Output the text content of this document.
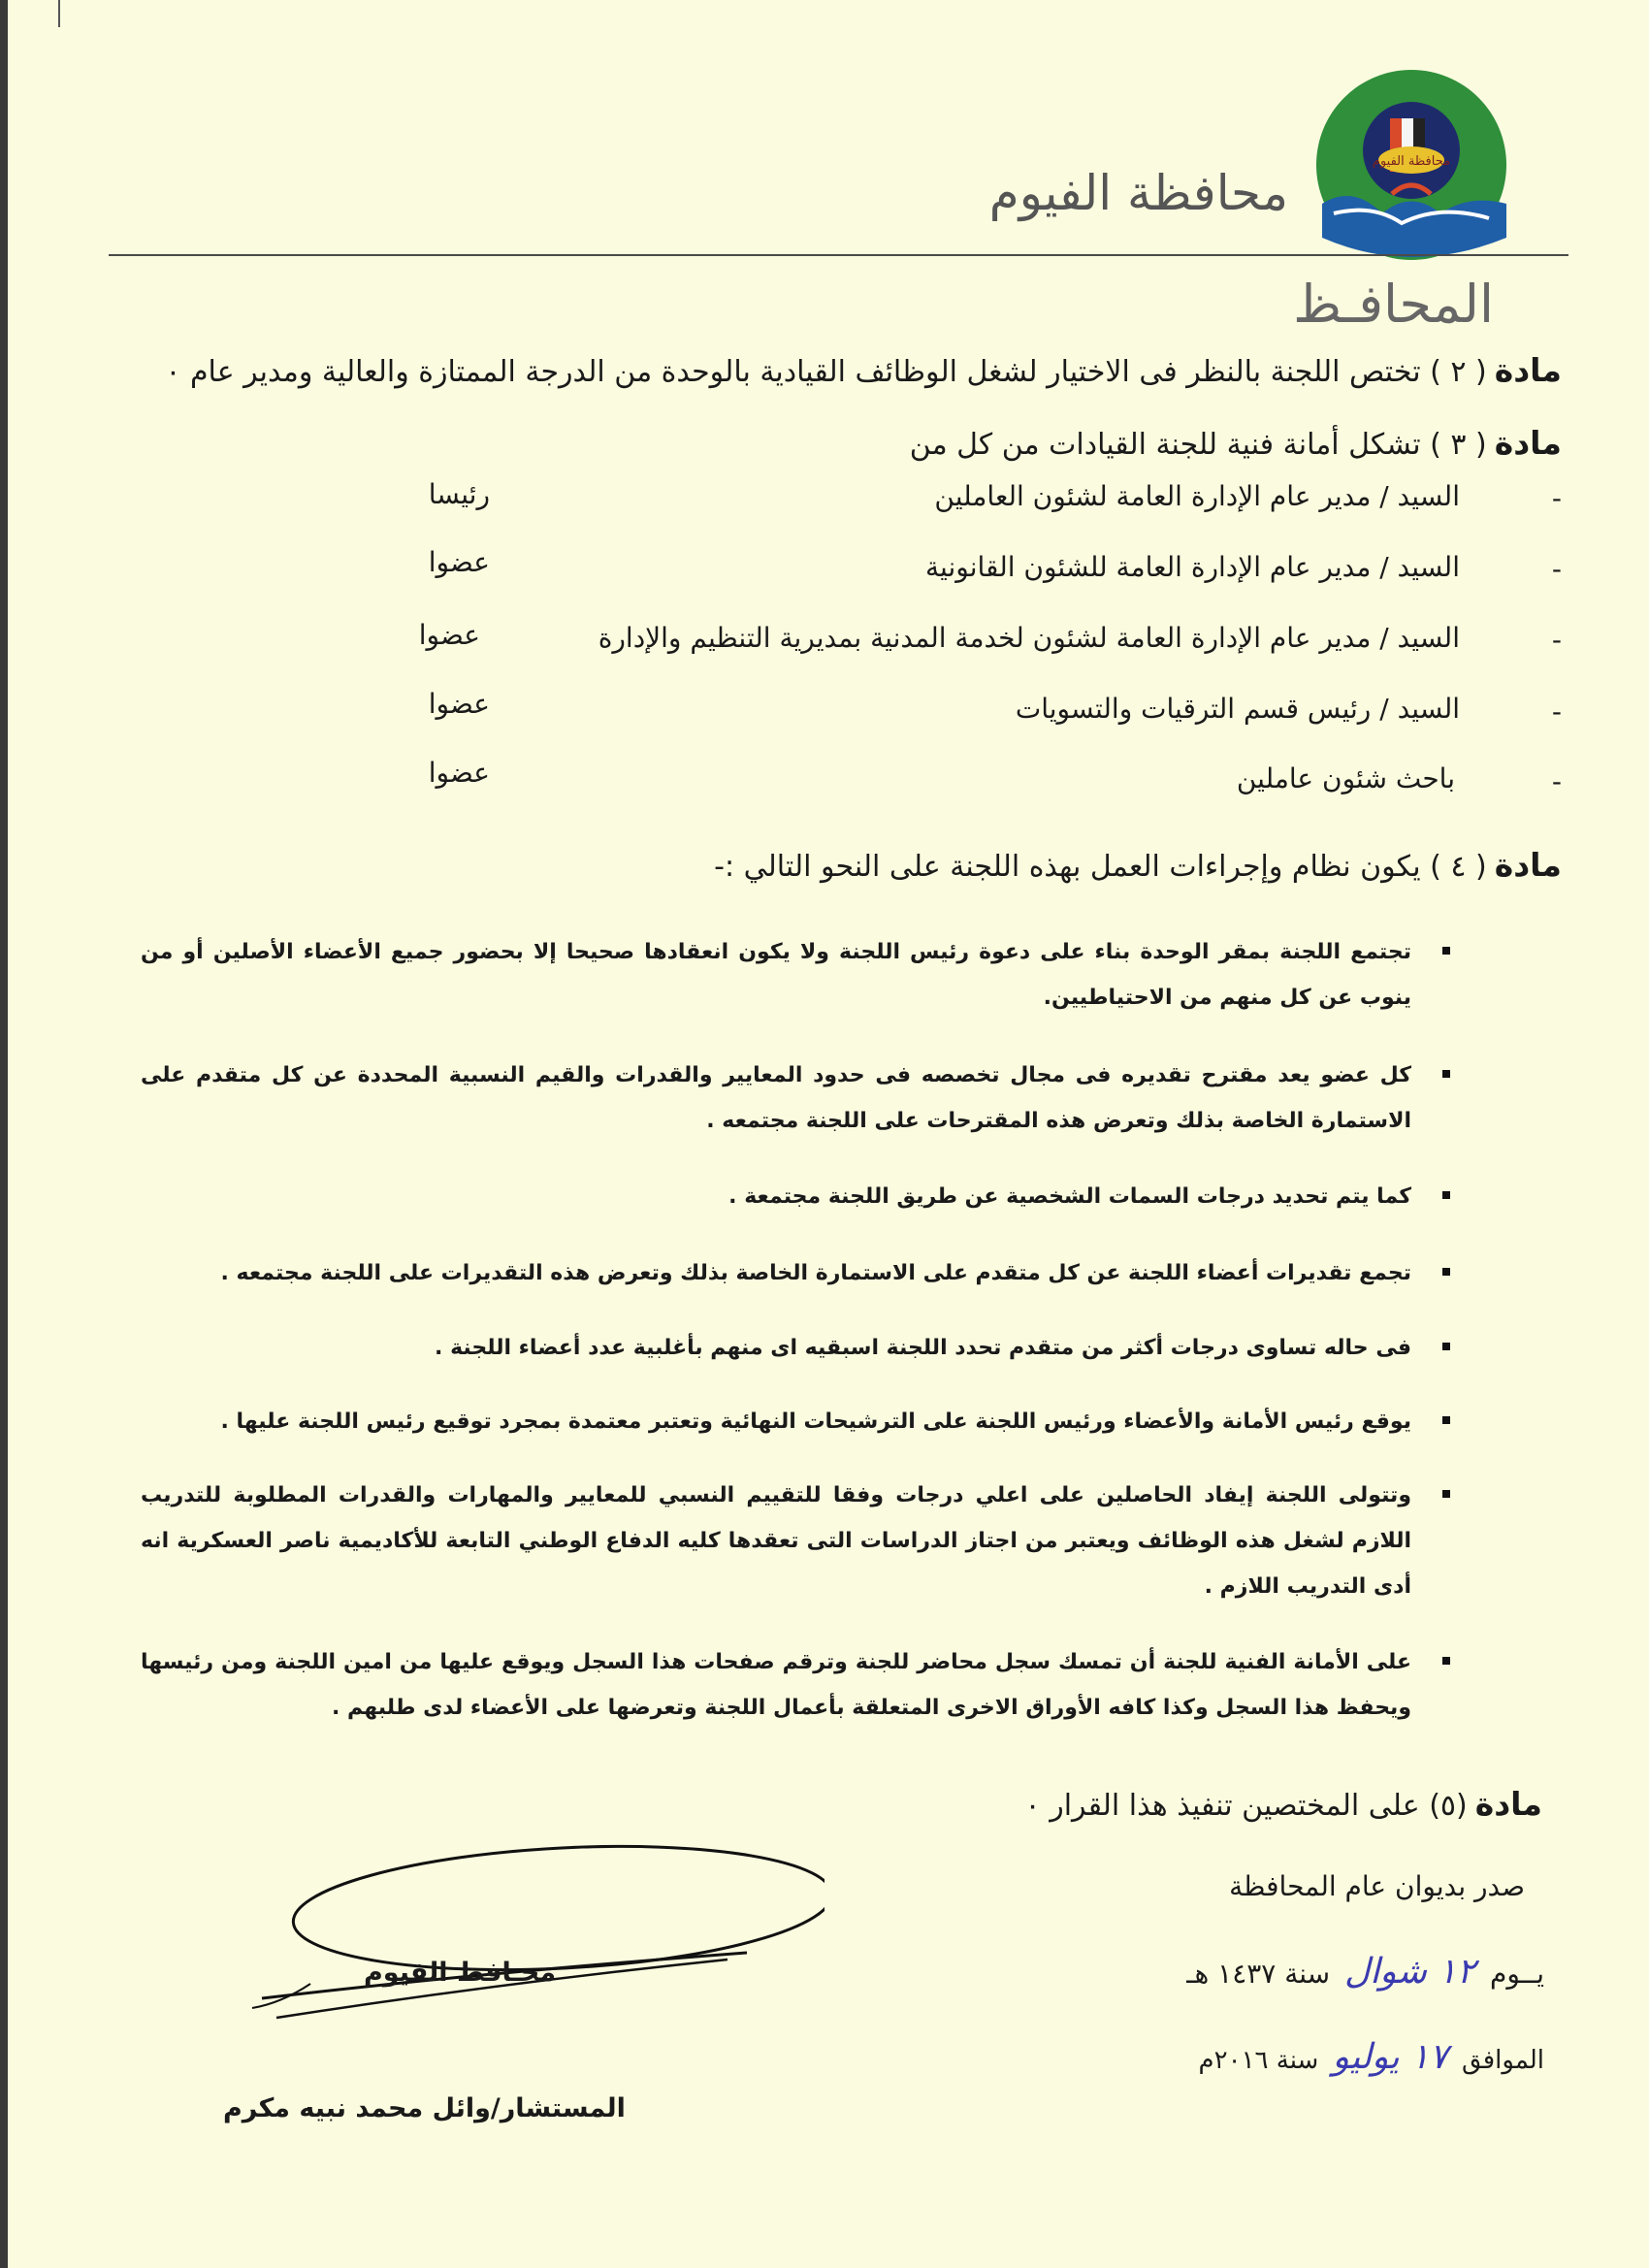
محافظة الفيوم
محافظة الفيوم
المحافـظ
مادة( ٢ ) تختص اللجنة بالنظر فى الاختيار لشغل الوظائف القيادية بالوحدة من الدرجة الممتازة والعالية ومدير عام ٠
مادة( ٣ ) تشكل أمانة فنية للجنة القيادات من كل من
-
السيد / مدير عام الإدارة العامة لشئون العاملين
رئيسا
-
السيد / مدير عام الإدارة العامة للشئون القانونية
عضوا
-
السيد / مدير عام الإدارة العامة لشئون لخدمة المدنية بمديرية التنظيم والإدارة
عضوا
-
السيد / رئيس قسم الترقيات والتسويات
عضوا
-
باحث شئون عاملين
عضوا
مادة( ٤ ) يكون نظام وإجراءات العمل بهذه اللجنة على النحو التالي :-
تجتمع اللجنة بمقر الوحدة بناء على دعوة رئيس اللجنة ولا يكون انعقادها صحيحا إلا بحضور جميع الأعضاء الأصلين أو من ينوب عن كل منهم من الاحتياطيين.
كل عضو يعد مقترح تقديره فى مجال تخصصه فى حدود المعايير والقدرات والقيم النسبية المحددة عن كل متقدم على الاستمارة الخاصة بذلك وتعرض هذه المقترحات على اللجنة مجتمعه .
كما يتم تحديد درجات السمات الشخصية عن طريق اللجنة مجتمعة .
تجمع تقديرات أعضاء اللجنة عن كل متقدم على الاستمارة الخاصة بذلك وتعرض هذه التقديرات على اللجنة مجتمعه .
فى حاله تساوى درجات أكثر من متقدم تحدد اللجنة اسبقيه اى منهم بأغلبية عدد أعضاء اللجنة .
يوقع رئيس الأمانة والأعضاء ورئيس اللجنة على الترشيحات النهائية وتعتبر معتمدة بمجرد توقيع رئيس اللجنة عليها .
وتتولى اللجنة إيفاد الحاصلين على اعلي درجات وفقا للتقييم النسبي للمعايير والمهارات والقدرات المطلوبة للتدريب اللازم لشغل هذه الوظائف ويعتبر من اجتاز الدراسات التى تعقدها كليه الدفاع الوطني التابعة للأكاديمية ناصر العسكرية انه أدى التدريب اللازم .
على الأمانة الفنية للجنة أن تمسك سجل محاضر للجنة وترقم صفحات هذا السجل ويوقع عليها من امين اللجنة ومن رئيسها ويحفظ هذا السجل وكذا كافه الأوراق الاخرى المتعلقة بأعمال اللجنة وتعرضها على الأعضاء لدى طلبهم .
مادة(٥) على المختصين تنفيذ هذا القرار ٠
صدر بديوان عام المحافظة
يــوم ١٢ شوال سنة ١٤٣٧ هـ
الموافق ١٧ يوليو سنة ٢٠١٦م
محـافظ الفيوم
المستشار/وائل محمد نبيه مكرم
